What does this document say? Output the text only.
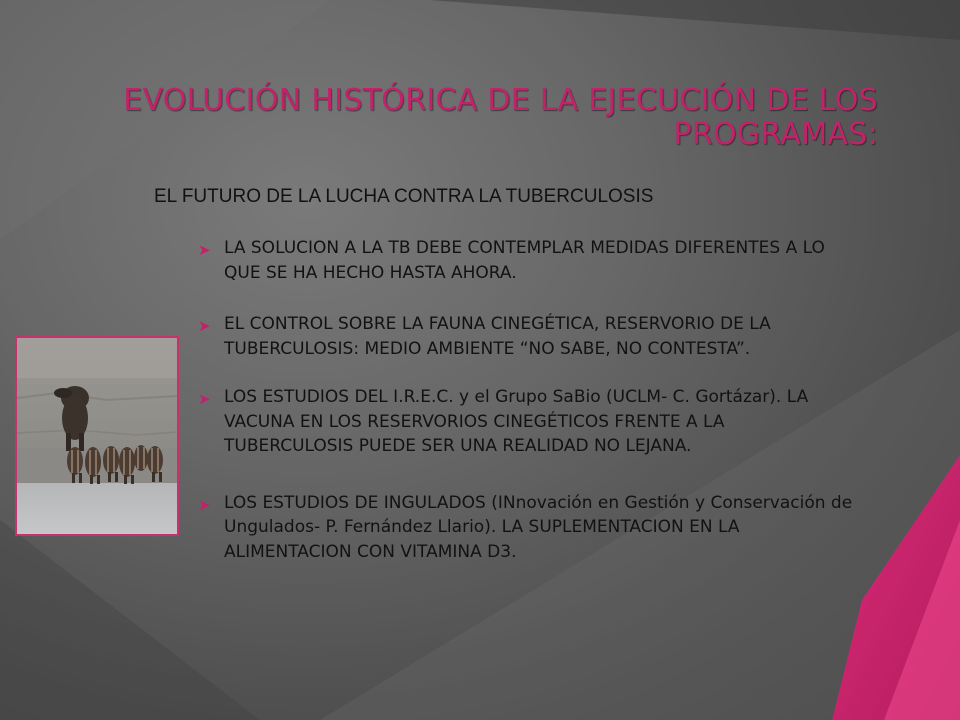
EVOLUCIÓN HISTÓRICA DE LA EJECUCIÓN DE LOS PROGRAMAS:
EL FUTURO DE LA LUCHA CONTRA LA TUBERCULOSIS
➤ LA SOLUCION A LA TB DEBE CONTEMPLAR MEDIDAS DIFERENTES A LO QUE SE HA HECHO HASTA AHORA.
➤ EL CONTROL SOBRE LA FAUNA CINEGÉTICA, RESERVORIO DE LA TUBERCULOSIS: MEDIO AMBIENTE “NO SABE, NO CONTESTA”.
➤ LOS ESTUDIOS DEL I.R.E.C. y el Grupo SaBio (UCLM- C. Gortázar). LA VACUNA EN LOS RESERVORIOS CINEGÉTICOS FRENTE A LA TUBERCULOSIS PUEDE SER UNA REALIDAD NO LEJANA.
➤ LOS ESTUDIOS DE INGULADOS (INnovación en Gestión y Conservación de Ungulados- P. Fernández Llario). LA SUPLEMENTACION EN LA ALIMENTACION CON VITAMINA D3.
